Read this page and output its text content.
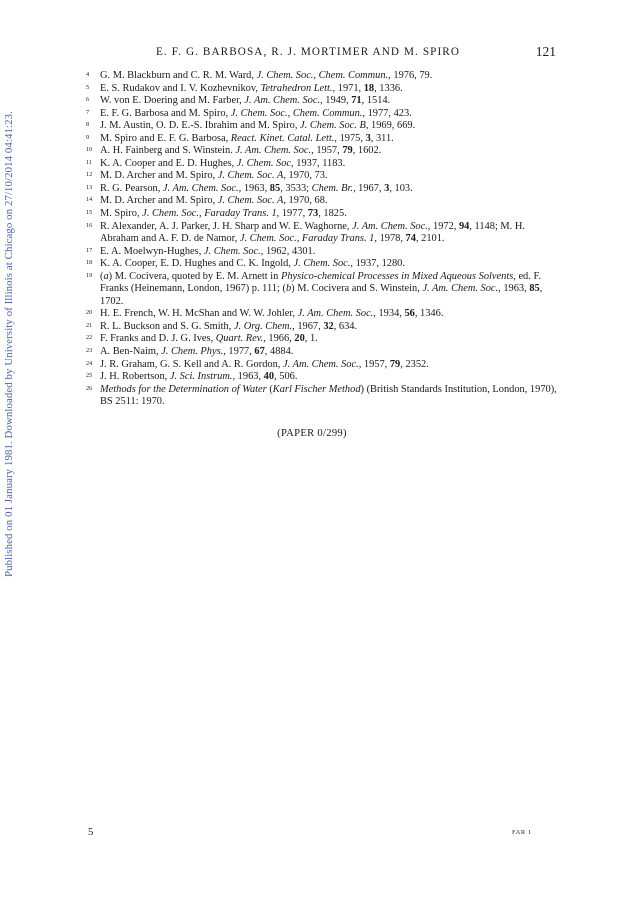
E. F. G. BARBOSA, R. J. MORTIMER AND M. SPIRO	121
Published on 01 January 1981. Downloaded by University of Illinois at Chicago on 27/10/2014 04:41:23.
4 G. M. Blackburn and C. R. M. Ward, J. Chem. Soc., Chem. Commun., 1976, 79.
5 E. S. Rudakov and I. V. Kozhevnikov, Tetrahedron Lett., 1971, 18, 1336.
6 W. von E. Doering and M. Farber, J. Am. Chem. Soc., 1949, 71, 1514.
7 E. F. G. Barbosa and M. Spiro, J. Chem. Soc., Chem. Commun., 1977, 423.
8 J. M. Austin, O. D. E.-S. Ibrahim and M. Spiro, J. Chem. Soc. B, 1969, 669.
9 M. Spiro and E. F. G. Barbosa, React. Kinet. Catal. Lett., 1975, 3, 311.
10 A. H. Fainberg and S. Winstein. J. Am. Chem. Soc., 1957, 79, 1602.
11 K. A. Cooper and E. D. Hughes, J. Chem. Soc, 1937, 1183.
12 M. D. Archer and M. Spiro, J. Chem. Soc. A, 1970, 73.
13 R. G. Pearson, J. Am. Chem. Soc., 1963, 85, 3533; Chem. Br., 1967, 3, 103.
14 M. D. Archer and M. Spiro, J. Chem. Soc. A, 1970, 68.
15 M. Spiro, J. Chem. Soc., Faraday Trans. 1, 1977, 73, 1825.
16 R. Alexander, A. J. Parker, J. H. Sharp and W. E. Waghorne, J. Am. Chem. Soc., 1972, 94, 1148; M. H. Abraham and A. F. D. de Namor, J. Chem. Soc., Faraday Trans. 1, 1978, 74, 2101.
17 E. A. Moelwyn-Hughes, J. Chem. Soc., 1962, 4301.
18 K. A. Cooper, E. D. Hughes and C. K. Ingold, J. Chem. Soc., 1937, 1280.
19 (a) M. Cocivera, quoted by E. M. Arnett in Physico-chemical Processes in Mixed Aqueous Solvents, ed. F. Franks (Heinemann, London, 1967) p. 111; (b) M. Cocivera and S. Winstein, J. Am. Chem. Soc., 1963, 85, 1702.
20 H. E. French, W. H. McShan and W. W. Johler, J. Am. Chem. Soc., 1934, 56, 1346.
21 R. L. Buckson and S. G. Smith, J. Org. Chem., 1967, 32, 634.
22 F. Franks and D. J. G. Ives, Quart. Rev., 1966, 20, 1.
23 A. Ben-Naim, J. Chem. Phys., 1977, 67, 4884.
24 J. R. Graham, G. S. Kell and A. R. Gordon, J. Am. Chem. Soc., 1957, 79, 2352.
25 J. H. Robertson, J. Sci. Instrum., 1963, 40, 506.
26 Methods for the Determination of Water (Karl Fischer Method) (British Standards Institution, London, 1970), BS 2511: 1970.
(PAPER 0/299)
5	FAR 1
